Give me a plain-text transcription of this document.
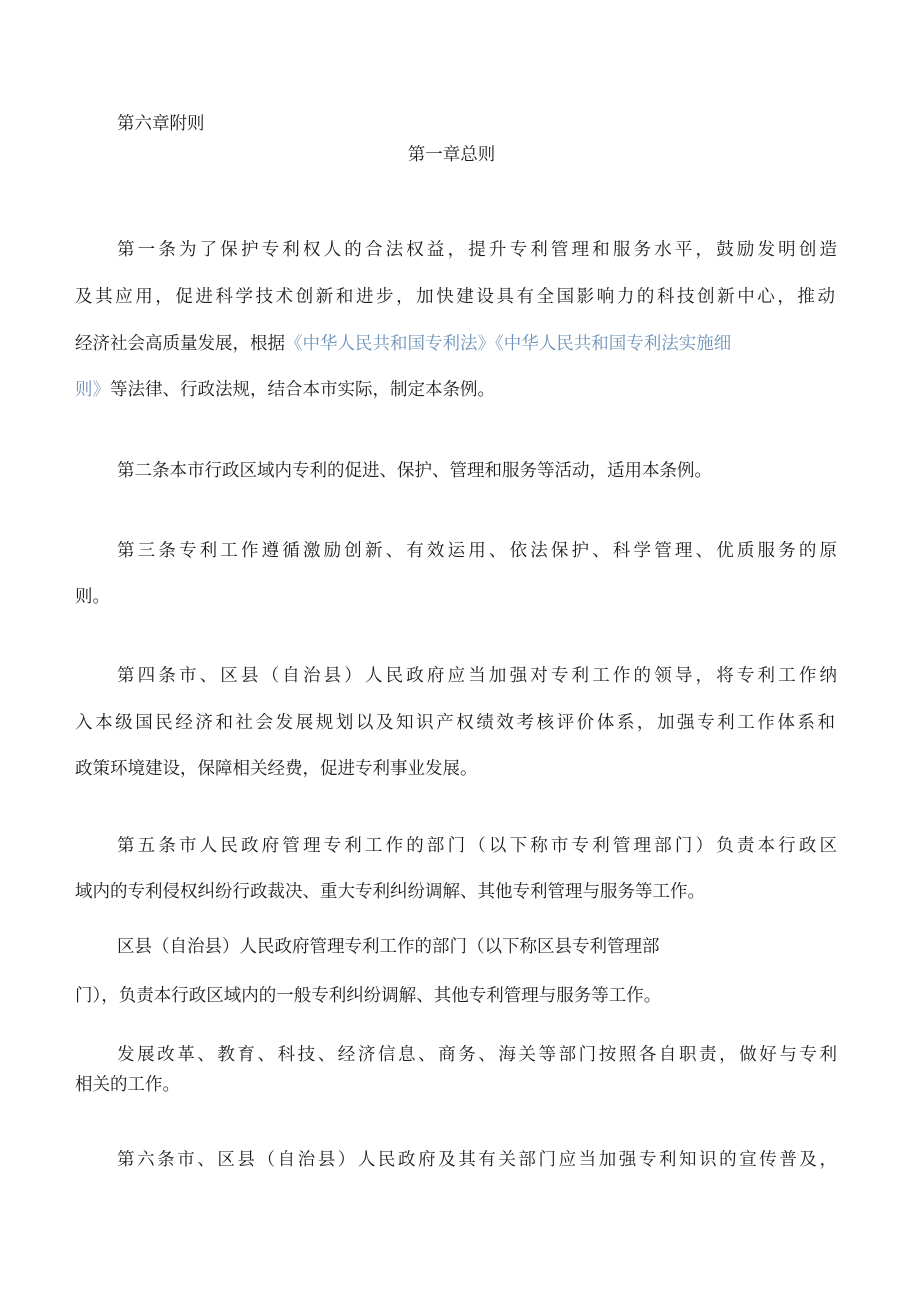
第六章附则
第一章总则
第一条为了保护专利权人的合法权益，提升专利管理和服务水平，鼓励发明创造
及其应用，促进科学技术创新和进步，加快建设具有全国影响力的科技创新中心，推动
经济社会高质量发展，根据《中华人民共和国专利法》《中华人民共和国专利法实施细
则》等法律、行政法规，结合本市实际，制定本条例。
第二条本市行政区域内专利的促进、保护、管理和服务等活动，适用本条例。
第三条专利工作遵循激励创新、有效运用、依法保护、科学管理、优质服务的原
则。
第四条市、区县（自治县）人民政府应当加强对专利工作的领导，将专利工作纳
入本级国民经济和社会发展规划以及知识产权绩效考核评价体系，加强专利工作体系和
政策环境建设，保障相关经费，促进专利事业发展。
第五条市人民政府管理专利工作的部门（以下称市专利管理部门）负责本行政区
域内的专利侵权纠纷行政裁决、重大专利纠纷调解、其他专利管理与服务等工作。
区县（自治县）人民政府管理专利工作的部门（以下称区县专利管理部
门），负责本行政区域内的一般专利纠纷调解、其他专利管理与服务等工作。
发展改革、教育、科技、经济信息、商务、海关等部门按照各自职责，做好与专利
相关的工作。
第六条市、区县（自治县）人民政府及其有关部门应当加强专利知识的宣传普及，
